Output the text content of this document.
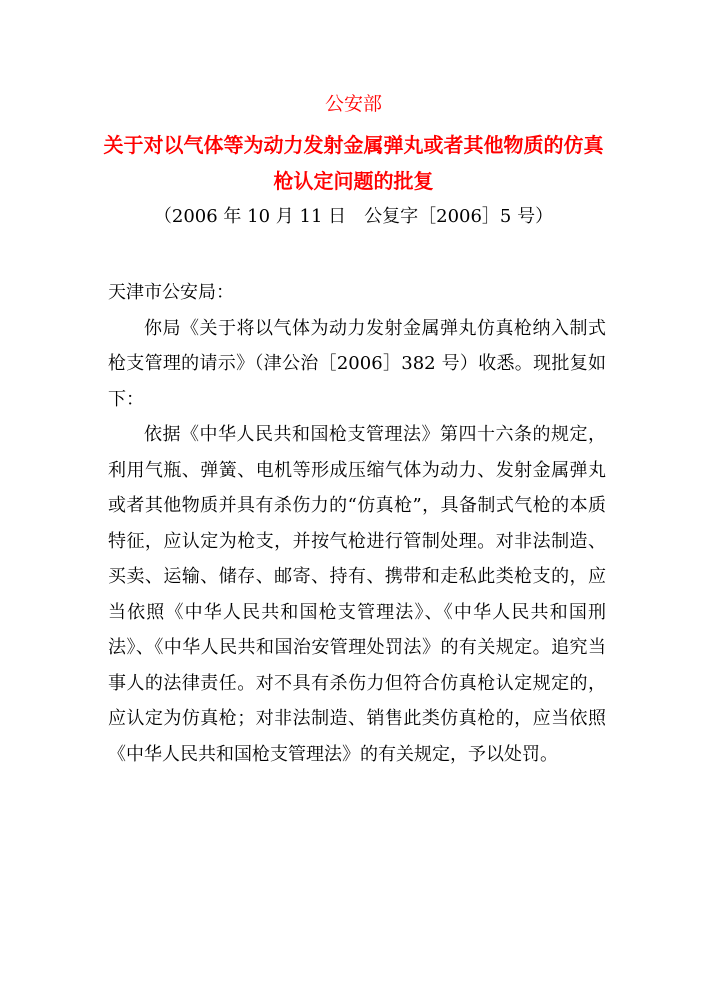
公安部
关于对以气体等为动力发射金属弹丸或者其他物质的仿真
枪认定问题的批复
（2006 年 10 月 11 日　公复字［2006］5 号）

天津市公安局：

你局《关于将以气体为动力发射金属弹丸仿真枪纳入制式枪支管理的请示》（津公治［2006］382 号）收悉。现批复如下：

依据《中华人民共和国枪支管理法》第四十六条的规定，利用气瓶、弹簧、电机等形成压缩气体为动力、发射金属弹丸或者其他物质并具有杀伤力的“仿真枪”，具备制式气枪的本质特征，应认定为枪支，并按气枪进行管制处理。对非法制造、买卖、运输、储存、邮寄、持有、携带和走私此类枪支的，应当依照《中华人民共和国枪支管理法》、《中华人民共和国刑法》、《中华人民共和国治安管理处罚法》的有关规定。追究当事人的法律责任。对不具有杀伤力但符合仿真枪认定规定的，应认定为仿真枪；对非法制造、销售此类仿真枪的，应当依照《中华人民共和国枪支管理法》的有关规定，予以处罚。
